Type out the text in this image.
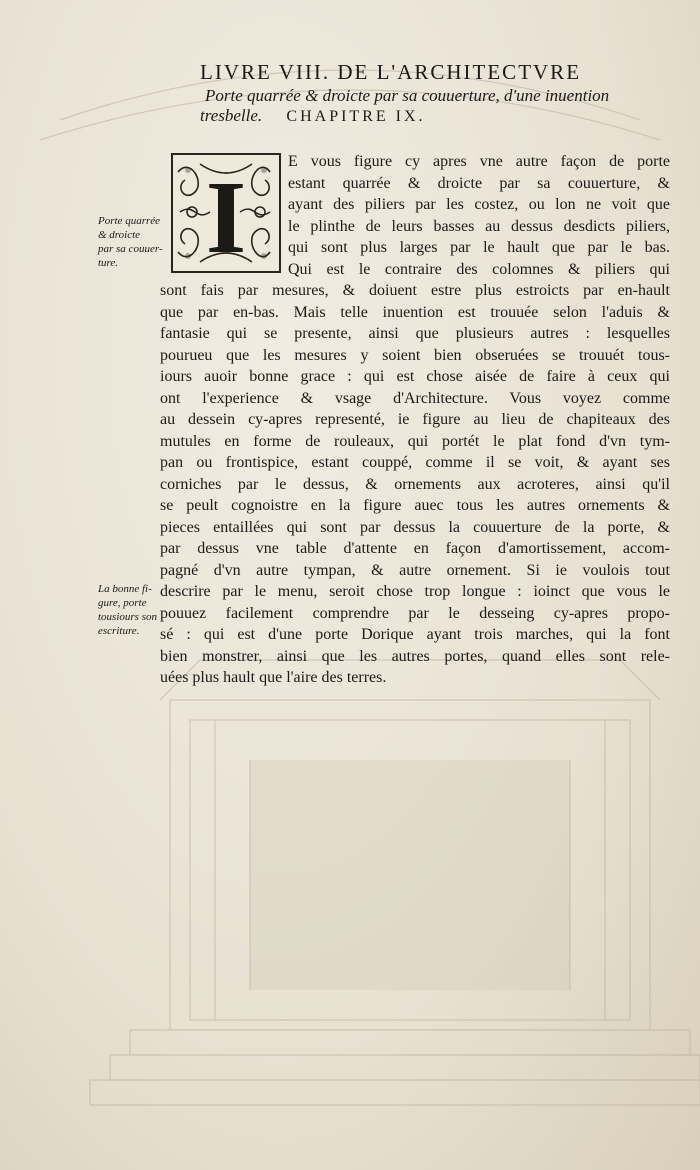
LIVRE VIII. DE L'ARCHITECTVRE
Porte quarrée & droicte par sa couuerture, d'une inuention
tresbelle. CHAPITRE IX.
I	E vous figure cy apres vne autre façon de porte
estant quarrée & droicte par sa couuerture, &
ayant des piliers par les costez, ou lon ne voit que
le plinthe de leurs basses au dessus desdicts piliers,
qui sont plus larges par le hault que par le bas.
Qui est le contraire des colomnes & piliers qui
sont fais par mesures, & doiuent estre plus estroicts par en-hault
que par en-bas. Mais telle inuention est trouuée selon l'aduis &
fantasie qui se presente, ainsi que plusieurs autres : lesquelles
pourueu que les mesures y soient bien obseruées se trouuét tous-
iours auoir bonne grace : qui est chose aisée de faire à ceux qui
ont l'experience & vsage d'Architecture. Vous voyez comme
au dessein cy-apres representé, ie figure au lieu de chapiteaux des
mutules en forme de rouleaux, qui portét le plat fond d'vn tym-
pan ou frontispice, estant couppé, comme il se voit, & ayant ses
corniches par le dessus, & ornements aux acroteres, ainsi qu'il
se peult cognoistre en la figure auec tous les autres ornements &
pieces entaillées qui sont par dessus la couuerture de la porte, &
par dessus vne table d'attente en façon d'amortissement, accom-
pagné d'vn autre tympan, & autre ornement. Si ie voulois tout
descrire par le menu, seroit chose trop longue : ioinct que vous le
pouuez facilement comprendre par le desseing cy-apres propo-
sé : qui est d'une porte Dorique ayant trois marches, qui la font
bien monstrer, ainsi que les autres portes, quand elles sont rele-
uées plus hault que l'aire des terres.
Porte quarrée
& droicte
par sa couuer-
ture.
La bonne fi-
gure, porte
tousiours son
escriture.
